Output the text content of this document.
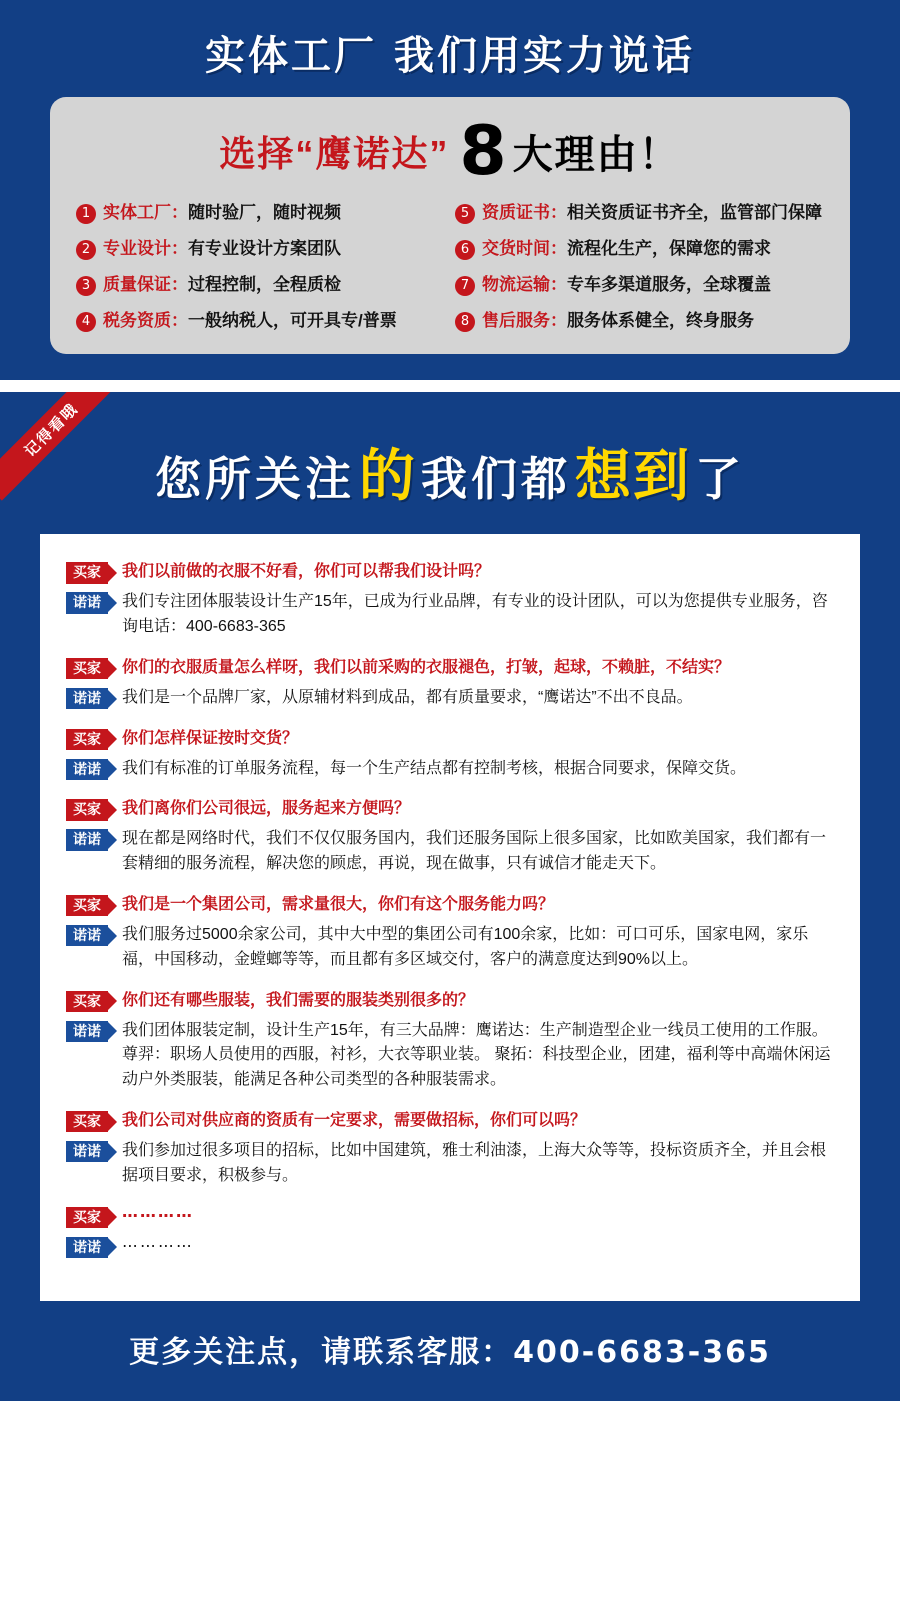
实体工厂 我们用实力说话
选择“鹰诺达” 8 大理由！
1 实体工厂：随时验厂，随时视频	5 资质证书：相关资质证书齐全，监管部门保障
2 专业设计：有专业设计方案团队	6 交货时间：流程化生产，保障您的需求
3 质量保证：过程控制，全程质检	7 物流运输：专车多渠道服务，全球覆盖
4 税务资质：一般纳税人，可开具专/普票	8 售后服务：服务体系健全，终身服务
记得看哦
您所关注的我们都想到了
买家	我们以前做的衣服不好看，你们可以帮我们设计吗？
诺诺	我们专注团体服装设计生产15年，已成为行业品牌，有专业的设计团队，可以为您提供专业服务，咨询电话：400-6683-365
买家	你们的衣服质量怎么样呀，我们以前采购的衣服褪色，打皱，起球，不赖脏，不结实？
诺诺	我们是一个品牌厂家，从原辅材料到成品，都有质量要求，“鹰诺达”不出不良品。
买家	你们怎样保证按时交货？
诺诺	我们有标准的订单服务流程，每一个生产结点都有控制考核，根据合同要求，保障交货。
买家	我们离你们公司很远，服务起来方便吗？
诺诺	现在都是网络时代，我们不仅仅服务国内，我们还服务国际上很多国家，比如欧美国家，我们都有一套精细的服务流程，解决您的顾虑，再说，现在做事，只有诚信才能走天下。
买家	我们是一个集团公司，需求量很大，你们有这个服务能力吗？
诺诺	我们服务过5000余家公司，其中大中型的集团公司有100余家，比如：可口可乐，国家电网，家乐福，中国移动，金螳螂等等，而且都有多区域交付，客户的满意度达到90%以上。
买家	你们还有哪些服装，我们需要的服装类别很多的？
诺诺	我们团体服装定制，设计生产15年，有三大品牌：鹰诺达：生产制造型企业一线员工使用的工作服。尊羿：职场人员使用的西服，衬衫，大衣等职业装。 聚拓：科技型企业，团建，福利等中高端休闲运动户外类服装，能满足各种公司类型的各种服装需求。
买家	我们公司对供应商的资质有一定要求，需要做招标，你们可以吗？
诺诺	我们参加过很多项目的招标，比如中国建筑，雅士利油漆，上海大众等等，投标资质齐全，并且会根据项目要求，积极参与。
买家	⋯⋯⋯⋯
诺诺	⋯⋯⋯⋯
更多关注点，请联系客服：400-6683-365
